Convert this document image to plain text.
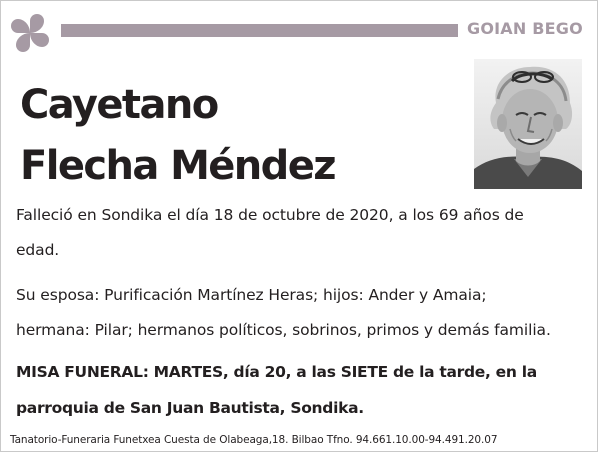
GOIAN BEGO
Cayetano
Flecha Méndez
Falleció en Sondika el día 18 de octubre de 2020, a los 69 años de
edad.
Su esposa: Purificación Martínez Heras; hijos: Ander y Amaia;
hermana: Pilar; hermanos políticos, sobrinos, primos y demás familia.
MISA FUNERAL: MARTES, día 20, a las SIETE de la tarde, en la
parroquia de San Juan Bautista, Sondika.
Tanatorio-Funeraria Funetxea Cuesta de Olabeaga,18. Bilbao Tfno. 94.661.10.00-94.491.20.07
